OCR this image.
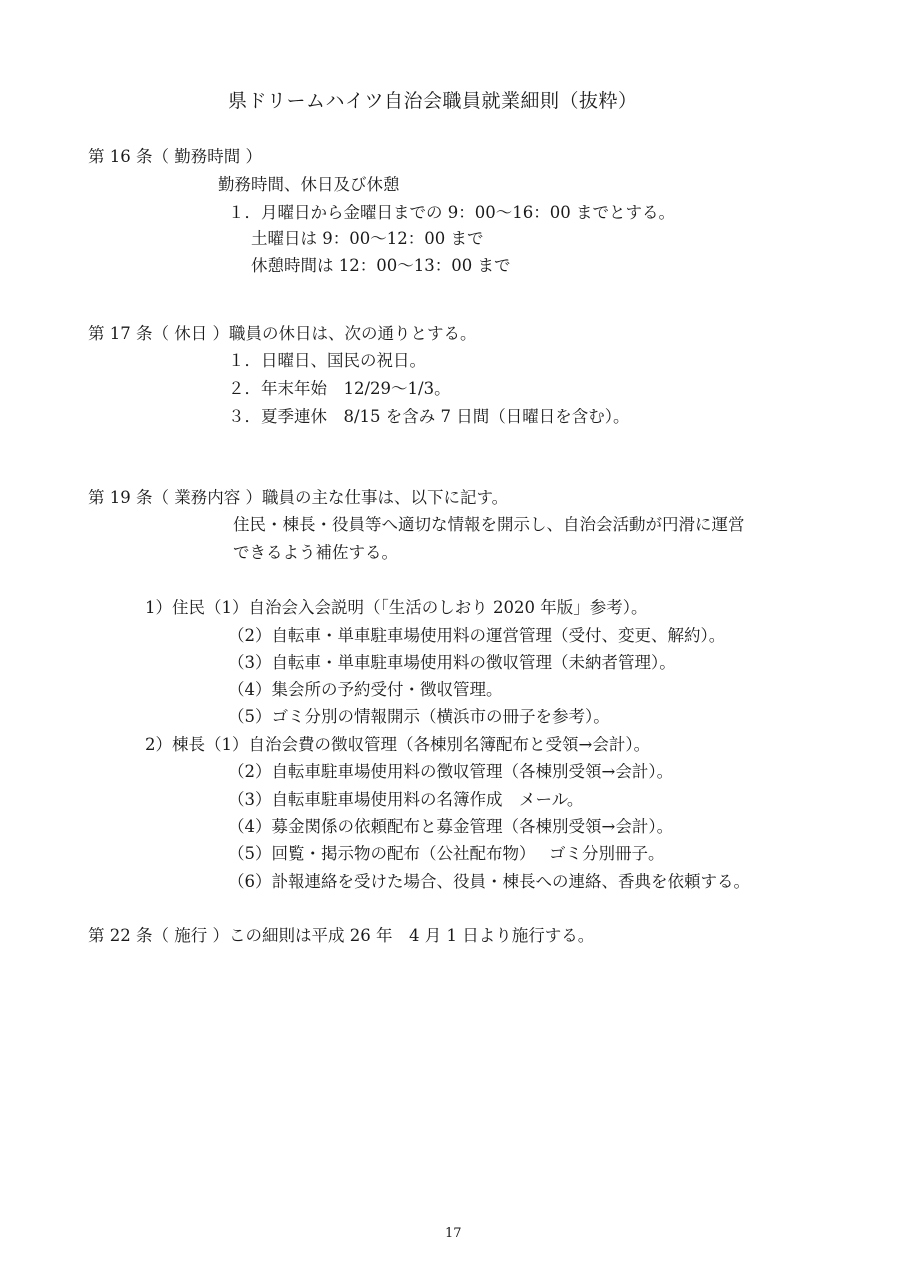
県ドリームハイツ自治会職員就業細則（抜粋）
第 16 条（ 勤務時間 ）
勤務時間、休日及び休憩
１．月曜日から金曜日までの 9：00～16：00 までとする。
土曜日は 9：00～12：00 まで
休憩時間は 12：00～13：00 まで
第 17 条（ 休日 ）職員の休日は、次の通りとする。
１．日曜日、国民の祝日。
２．年末年始　12/29～1/3。
３．夏季連休　8/15 を含み 7 日間（日曜日を含む）。
第 19 条（ 業務内容 ）職員の主な仕事は、以下に記す。
住民・棟長・役員等へ適切な情報を開示し、自治会活動が円滑に運営
できるよう補佐する。
1）住民（1）自治会入会説明（「生活のしおり 2020 年版」参考）。
（2）自転車・単車駐車場使用料の運営管理（受付、変更、解約）。
（3）自転車・単車駐車場使用料の徴収管理（未納者管理）。
（4）集会所の予約受付・徴収管理。
（5）ゴミ分別の情報開示（横浜市の冊子を参考）。
2）棟長（1）自治会費の徴収管理（各棟別名簿配布と受領→会計）。
（2）自転車駐車場使用料の徴収管理（各棟別受領→会計）。
（3）自転車駐車場使用料の名簿作成　メール。
（4）募金関係の依頼配布と募金管理（各棟別受領→会計）。
（5）回覧・掲示物の配布（公社配布物）　 ゴミ分別冊子。
（6）訃報連絡を受けた場合、役員・棟長への連絡、香典を依頼する。
第 22 条（ 施行 ）この細則は平成 26 年　4 月 1 日より施行する。
17
